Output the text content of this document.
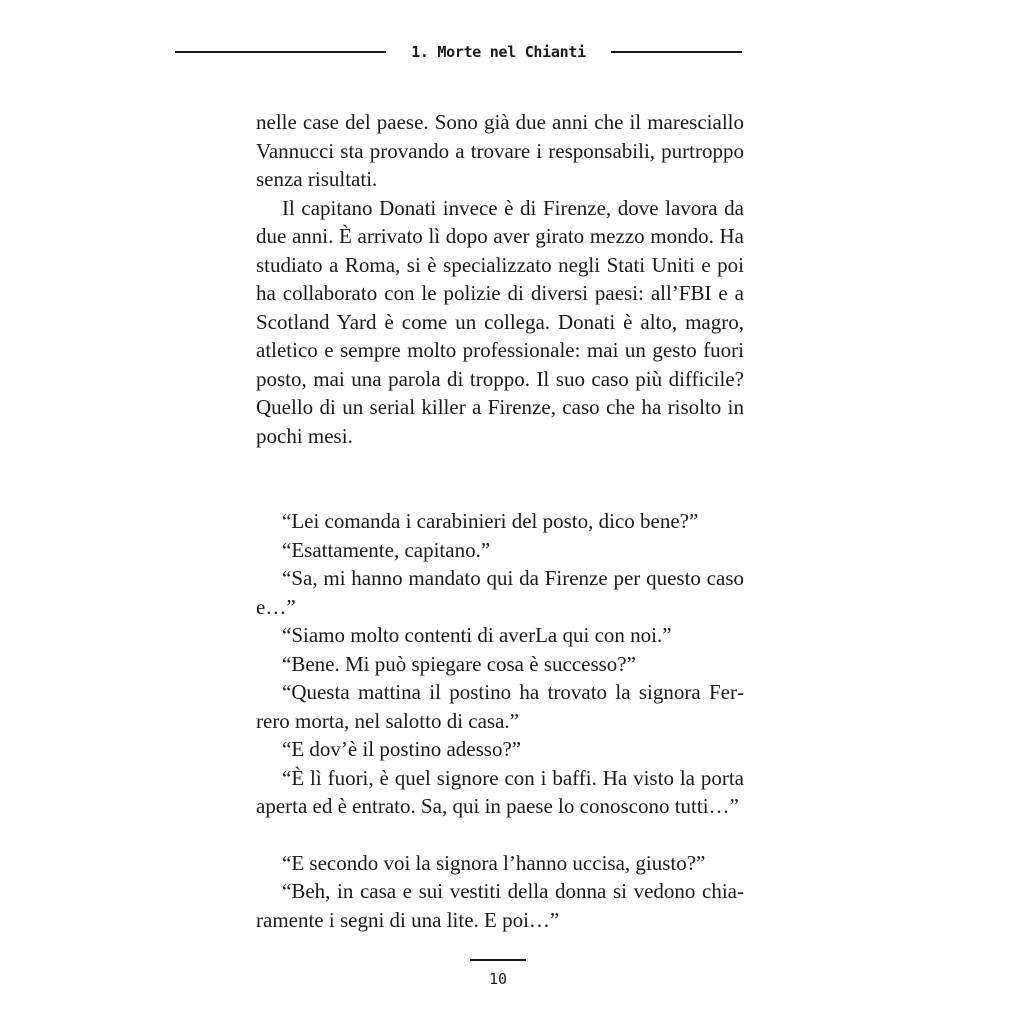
1. Morte nel Chianti

nelle case del paese. Sono già due anni che il maresciallo Vannucci sta provando a trovare i responsabili, purtroppo senza risultati.

Il capitano Donati invece è di Firenze, dove lavora da due anni. È arrivato lì dopo aver girato mezzo mondo. Ha studiato a Roma, si è specializzato negli Stati Uniti e poi ha collaborato con le polizie di diversi paesi: all’FBI e a Scotland Yard è come un collega. Donati è alto, magro, atletico e sempre molto professionale: mai un gesto fuori posto, mai una parola di troppo. Il suo caso più difficile? Quello di un serial killer a Firenze, caso che ha risolto in pochi mesi.

“Lei comanda i carabinieri del posto, dico bene?”

“Esattamente, capitano.”

“Sa, mi hanno mandato qui da Firenze per questo caso e…”

“Siamo molto contenti di averLa qui con noi.”

“Bene. Mi può spiegare cosa è successo?”

“Questa mattina il postino ha trovato la signora Ferrero morta, nel salotto di casa.”

“E dov’è il postino adesso?”

“È lì fuori, è quel signore con i baffi. Ha visto la porta aperta ed è entrato. Sa, qui in paese lo conoscono tutti…”

“E secondo voi la signora l’hanno uccisa, giusto?”

“Beh, in casa e sui vestiti della donna si vedono chiaramente i segni di una lite. E poi…”

10
